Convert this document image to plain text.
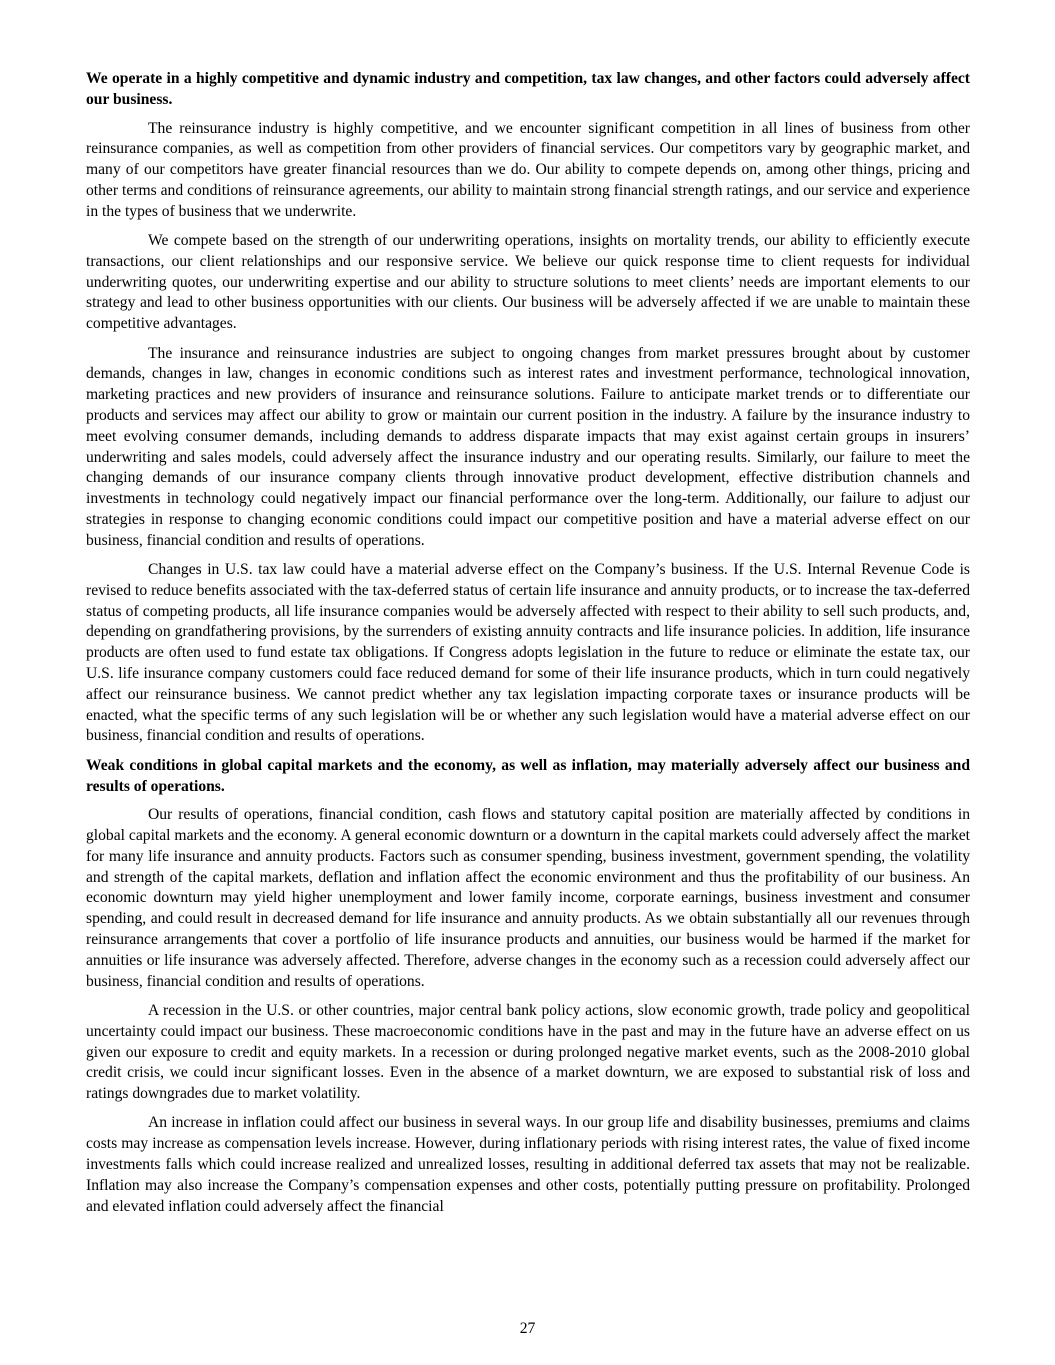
We operate in a highly competitive and dynamic industry and competition, tax law changes, and other factors could adversely affect our business.

The reinsurance industry is highly competitive, and we encounter significant competition in all lines of business from other reinsurance companies, as well as competition from other providers of financial services. Our competitors vary by geographic market, and many of our competitors have greater financial resources than we do. Our ability to compete depends on, among other things, pricing and other terms and conditions of reinsurance agreements, our ability to maintain strong financial strength ratings, and our service and experience in the types of business that we underwrite.

We compete based on the strength of our underwriting operations, insights on mortality trends, our ability to efficiently execute transactions, our client relationships and our responsive service. We believe our quick response time to client requests for individual underwriting quotes, our underwriting expertise and our ability to structure solutions to meet clients’ needs are important elements to our strategy and lead to other business opportunities with our clients. Our business will be adversely affected if we are unable to maintain these competitive advantages.

The insurance and reinsurance industries are subject to ongoing changes from market pressures brought about by customer demands, changes in law, changes in economic conditions such as interest rates and investment performance, technological innovation, marketing practices and new providers of insurance and reinsurance solutions. Failure to anticipate market trends or to differentiate our products and services may affect our ability to grow or maintain our current position in the industry. A failure by the insurance industry to meet evolving consumer demands, including demands to address disparate impacts that may exist against certain groups in insurers’ underwriting and sales models, could adversely affect the insurance industry and our operating results. Similarly, our failure to meet the changing demands of our insurance company clients through innovative product development, effective distribution channels and investments in technology could negatively impact our financial performance over the long-term. Additionally, our failure to adjust our strategies in response to changing economic conditions could impact our competitive position and have a material adverse effect on our business, financial condition and results of operations.

Changes in U.S. tax law could have a material adverse effect on the Company’s business. If the U.S. Internal Revenue Code is revised to reduce benefits associated with the tax-deferred status of certain life insurance and annuity products, or to increase the tax-deferred status of competing products, all life insurance companies would be adversely affected with respect to their ability to sell such products, and, depending on grandfathering provisions, by the surrenders of existing annuity contracts and life insurance policies. In addition, life insurance products are often used to fund estate tax obligations. If Congress adopts legislation in the future to reduce or eliminate the estate tax, our U.S. life insurance company customers could face reduced demand for some of their life insurance products, which in turn could negatively affect our reinsurance business. We cannot predict whether any tax legislation impacting corporate taxes or insurance products will be enacted, what the specific terms of any such legislation will be or whether any such legislation would have a material adverse effect on our business, financial condition and results of operations.

Weak conditions in global capital markets and the economy, as well as inflation, may materially adversely affect our business and results of operations.

Our results of operations, financial condition, cash flows and statutory capital position are materially affected by conditions in global capital markets and the economy. A general economic downturn or a downturn in the capital markets could adversely affect the market for many life insurance and annuity products. Factors such as consumer spending, business investment, government spending, the volatility and strength of the capital markets, deflation and inflation affect the economic environment and thus the profitability of our business. An economic downturn may yield higher unemployment and lower family income, corporate earnings, business investment and consumer spending, and could result in decreased demand for life insurance and annuity products. As we obtain substantially all our revenues through reinsurance arrangements that cover a portfolio of life insurance products and annuities, our business would be harmed if the market for annuities or life insurance was adversely affected. Therefore, adverse changes in the economy such as a recession could adversely affect our business, financial condition and results of operations.

A recession in the U.S. or other countries, major central bank policy actions, slow economic growth, trade policy and geopolitical uncertainty could impact our business. These macroeconomic conditions have in the past and may in the future have an adverse effect on us given our exposure to credit and equity markets. In a recession or during prolonged negative market events, such as the 2008-2010 global credit crisis, we could incur significant losses. Even in the absence of a market downturn, we are exposed to substantial risk of loss and ratings downgrades due to market volatility.

An increase in inflation could affect our business in several ways. In our group life and disability businesses, premiums and claims costs may increase as compensation levels increase. However, during inflationary periods with rising interest rates, the value of fixed income investments falls which could increase realized and unrealized losses, resulting in additional deferred tax assets that may not be realizable. Inflation may also increase the Company’s compensation expenses and other costs, potentially putting pressure on profitability. Prolonged and elevated inflation could adversely affect the financial

27
